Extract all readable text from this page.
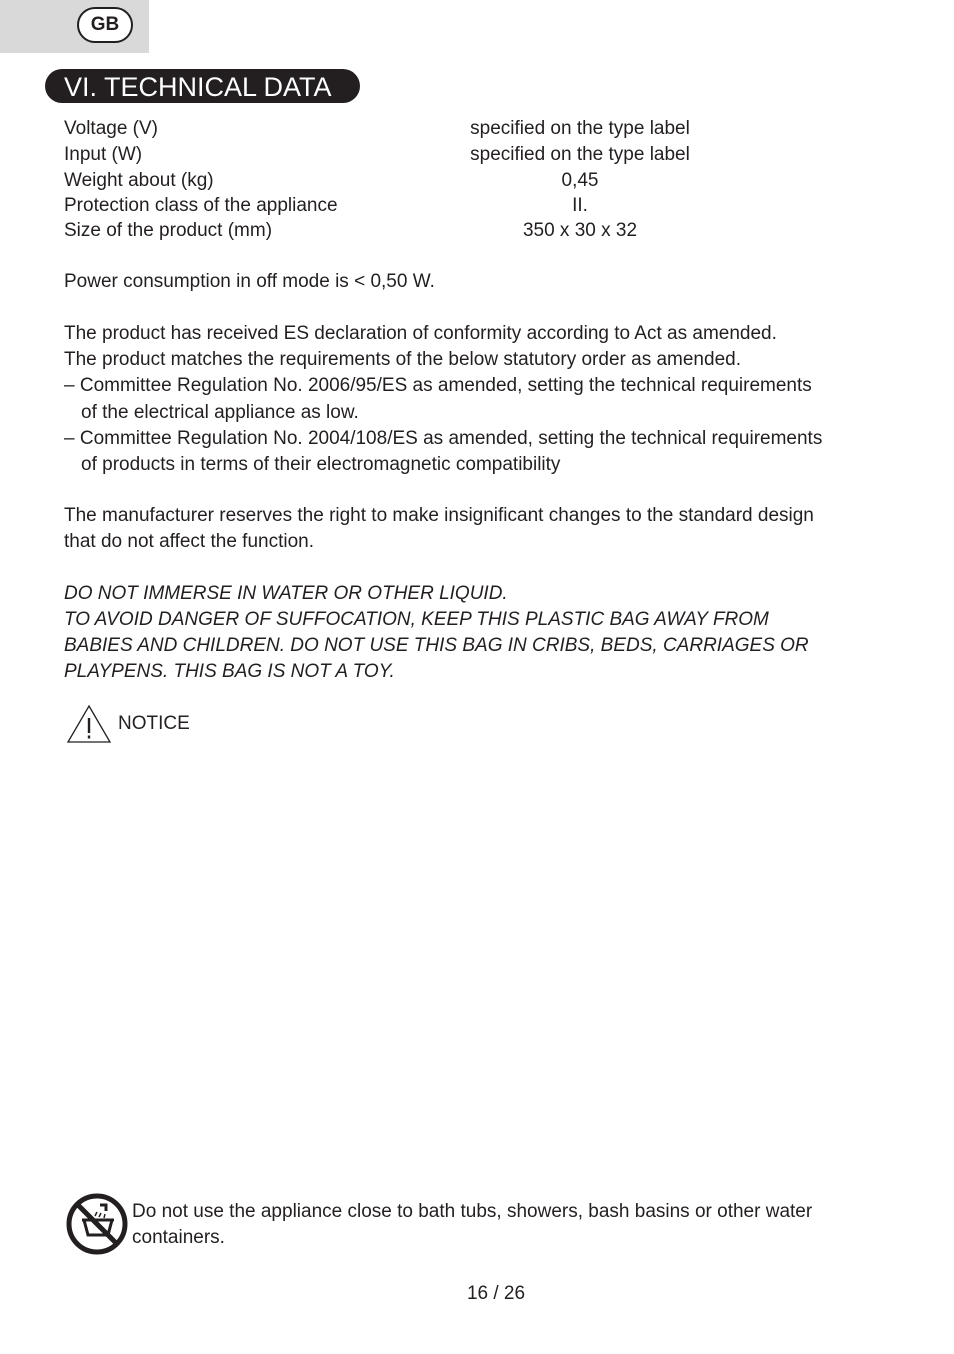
GB
VI. TECHNICAL DATA
Voltage (V)	specified on the type label
Input (W)	specified on the type label
Weight about (kg)	0,45
Protection class of the appliance	II.
Size of the product (mm)	350 x 30 x 32
Power consumption in off mode is < 0,50 W.
The product has received ES declaration of conformity according to Act as amended.
The product matches the requirements of the below statutory order as amended.
– Committee Regulation No. 2006/95/ES as amended, setting the technical requirements
of the electrical appliance as low.
– Committee Regulation No. 2004/108/ES as amended, setting the technical requirements
of products in terms of their electromagnetic compatibility
The manufacturer reserves the right to make insignificant changes to the standard design
that do not affect the function.
DO NOT IMMERSE IN WATER OR OTHER LIQUID.
TO AVOID DANGER OF SUFFOCATION, KEEP THIS PLASTIC BAG AWAY FROM
BABIES AND CHILDREN. DO NOT USE THIS BAG IN CRIBS, BEDS, CARRIAGES OR
PLAYPENS. THIS BAG IS NOT A TOY.
NOTICE
Do not use the appliance close to bath tubs, showers, bash basins or other water
containers.
16 / 26
